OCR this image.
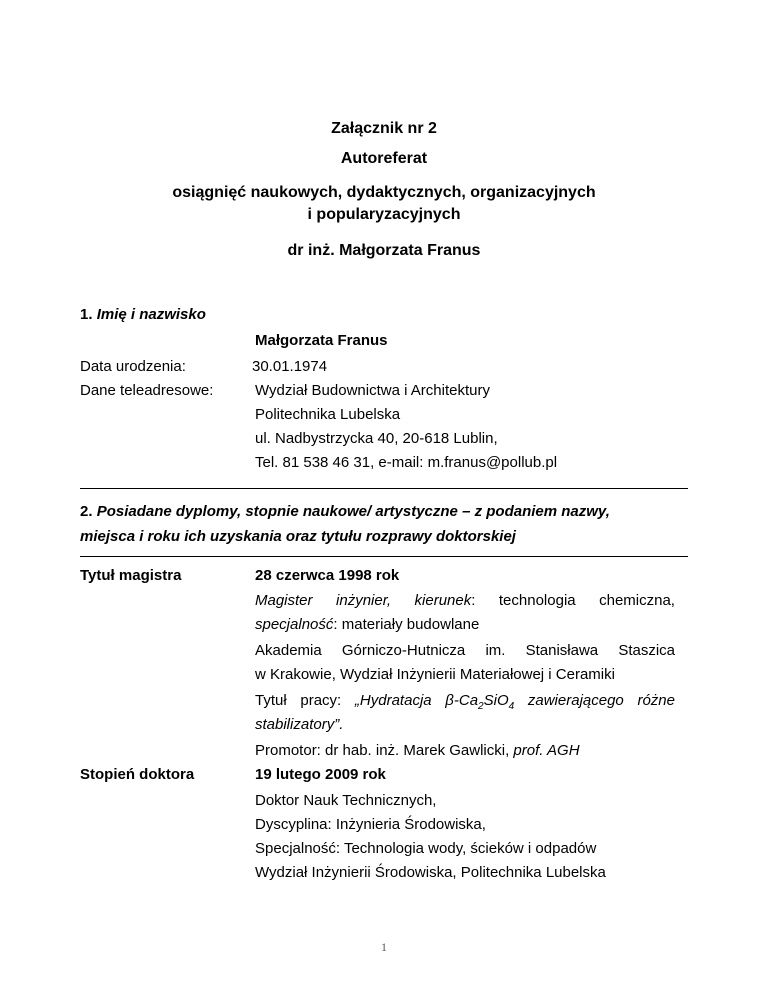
Załącznik nr 2
Autoreferat
osiągnięć naukowych, dydaktycznych, organizacyjnych
i popularyzacyjnych
dr inż. Małgorzata Franus
1. Imię i nazwisko
Małgorzata Franus
Data urodzenia:	30.01.1974
Dane teleadresowe:	Wydział Budownictwa i Architektury
Politechnika Lubelska
ul. Nadbystrzycka 40, 20-618 Lublin,
Tel. 81 538 46 31, e-mail: m.franus@pollub.pl
2. Posiadane dyplomy, stopnie naukowe/ artystyczne – z podaniem nazwy,
miejsca i roku ich uzyskania oraz tytułu rozprawy doktorskiej
Tytuł magistra	28 czerwca 1998 rok
Magister inżynier, kierunek: technologia chemiczna,
specjalność: materiały budowlane
Akademia Górniczo-Hutnicza im. Stanisława Staszica
w Krakowie, Wydział Inżynierii Materiałowej i Ceramiki
Tytuł pracy: „Hydratacja $\beta-Ca_2SiO_4$ zawierającego różne
stabilizatory”.
Promotor: dr hab. inż. Marek Gawlicki, prof. AGH
Stopień doktora	19 lutego 2009 rok
Doktor Nauk Technicznych,
Dyscyplina: Inżynieria Środowiska,
Specjalność: Technologia wody, ścieków i odpadów
Wydział Inżynierii Środowiska, Politechnika Lubelska
1
